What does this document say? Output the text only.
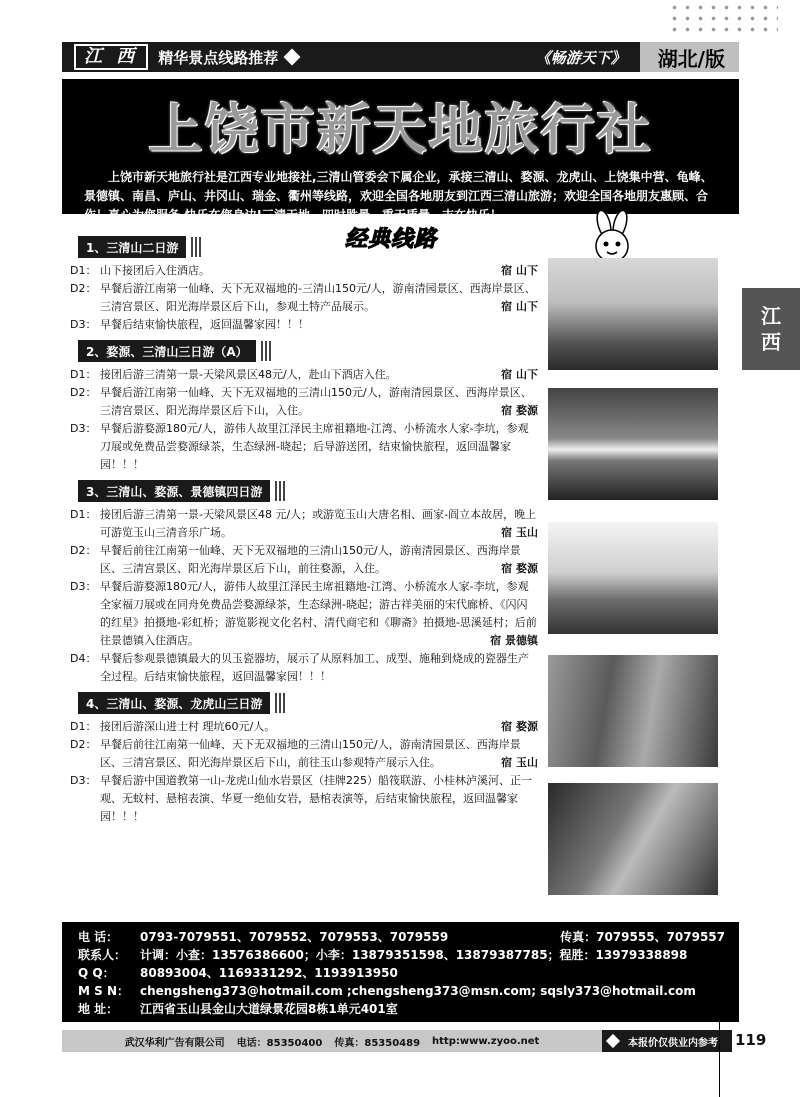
江 西	精华景点线路推荐	《畅游天下》	湖北/版
江
西
上饶市新天地旅行社
上饶市新天地旅行社是江西专业地接社,三清山管委会下属企业，承接三清山、婺源、龙虎山、上饶集中营、龟峰、景德镇、南昌、庐山、井冈山、瑞金、衢州等线路，欢迎全国各地朋友到江西三清山旅游；欢迎全国各地朋友惠顾、合作！真心为您服务,快乐在您身边!三清天地、四时胜景、重于质量、志在快乐！
经典线路
1、三清山二日游
D1： 山下接团后入住酒店。	宿 山下
D2： 早餐后游江南第一仙峰、天下无双福地的-三清山150元/人，游南清园景区、西海岸景区、三清宫景区、阳光海岸景区后下山，参观土特产品展示。	宿 山下
D3： 早餐后结束愉快旅程，返回温馨家园！！！
2、婺源、三清山三日游（A）
D1： 接团后游三清第一景-天梁风景区48元/人，赴山下酒店入住。	宿 山下
D2： 早餐后游江南第一仙峰、天下无双福地的三清山150元/人，游南清园景区、西海岸景区、三清宫景区、阳光海岸景区后下山，入住。	宿 婺源
D3： 早餐后游婺源180元/人，游伟人故里江泽民主席祖籍地-江湾、小桥流水人家-李坑，参观刀展或免费品尝婺源绿茶，生态绿洲-晓起；后导游送团，结束愉快旅程，返回温馨家园！！！
3、三清山、婺源、景德镇四日游
D1： 接团后游三清第一景-天梁风景区48 元/人；或游览玉山大唐名相、画家-阎立本故居，晚上可游览玉山三清音乐广场。	宿 玉山
D2： 早餐后前往江南第一仙峰、天下无双福地的三清山150元/人，游南清园景区、西海岸景区、三清宫景区、阳光海岸景区后下山，前往婺源，入住。	宿 婺源
D3： 早餐后游婺源180元/人，游伟人故里江泽民主席祖籍地-江湾、小桥流水人家-李坑，参观全家福刀展或在同舟免费品尝婺源绿茶，生态绿洲-晓起；游古祥美丽的宋代廊桥、《闪闪的红星》拍摄地-彩虹桥；游览影视文化名村、清代商宅和《聊斋》拍摄地-思溪延村；后前往景德镇入住酒店。	宿 景德镇
D4： 早餐后参观景德镇最大的贝玉瓷器坊，展示了从原料加工、成型、施釉到烧成的瓷器生产全过程。后结束愉快旅程，返回温馨家园！！！
4、三清山、婺源、龙虎山三日游
D1： 接团后游深山进士村 理坑60元/人。	宿 婺源
D2： 早餐后前往江南第一仙峰、天下无双福地的三清山150元/人，游南清园景区、西海岸景区、三清宫景区、阳光海岸景区后下山，前往玉山参观特产展示入住。	宿 玉山
D3： 早餐后游中国道教第一山-龙虎山仙水岩景区（挂牌225）船筏联游、小桂林泸溪河、正一观、无蚊村、悬棺表演、华夏一绝仙女岩，悬棺表演等，后结束愉快旅程，返回温馨家园！！！
电 话： 0793-7079551、7079552、7079553、7079559	传真：7079555、7079557
联系人： 计调：小查：13576386600；小李：13879351598、13879387785；程胜：13979338898
Q Q： 80893004、1169331292、1193913950
M S N： chengsheng373@hotmail.com ;chengsheng373@msn.com; sqsly373@hotmail.com
地 址： 江西省玉山县金山大道绿景花园8栋1单元401室
武汉华利广告有限公司 电话：85350400 传真：85350489 http:www.zyoo.net	本报价仅供业内参考 119
